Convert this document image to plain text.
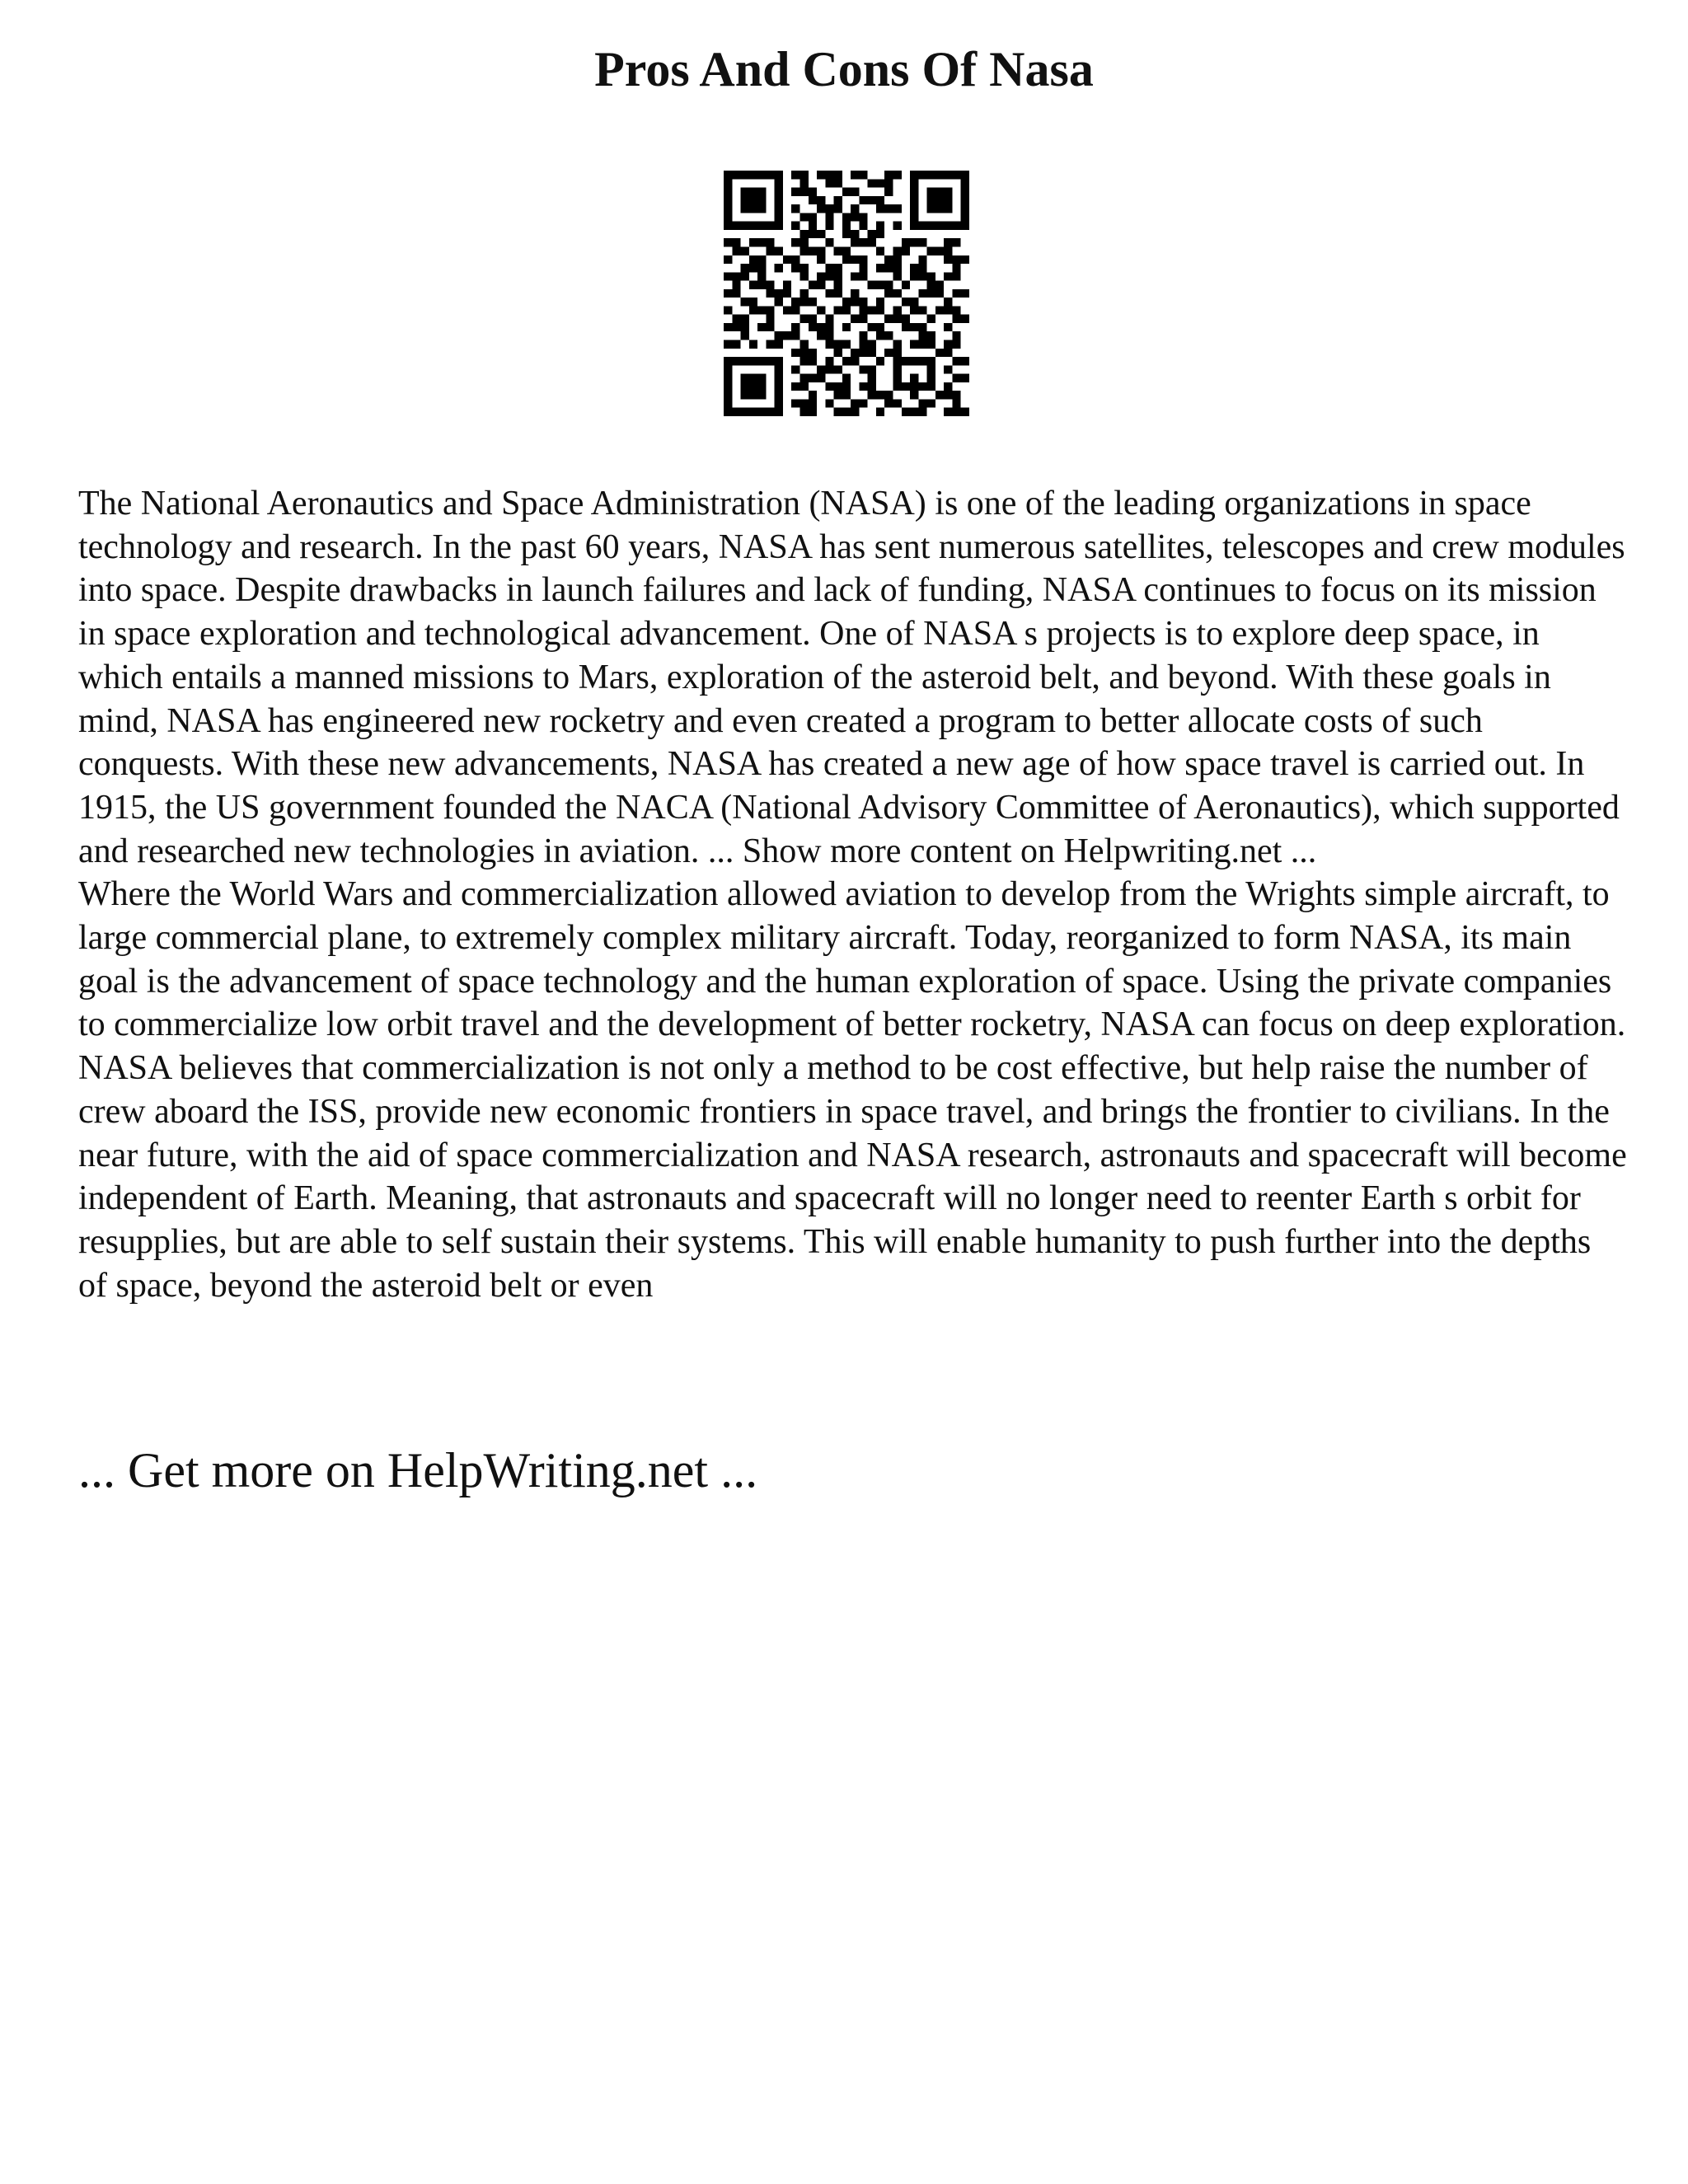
Pros And Cons Of Nasa

The National Aeronautics and Space Administration (NASA) is one of the leading organizations in space technology and research. In the past 60 years, NASA has sent numerous satellites, telescopes and crew modules into space. Despite drawbacks in launch failures and lack of funding, NASA continues to focus on its mission in space exploration and technological advancement. One of NASA s projects is to explore deep space, in which entails a manned missions to Mars, exploration of the asteroid belt, and beyond. With these goals in mind, NASA has engineered new rocketry and even created a program to better allocate costs of such conquests. With these new advancements, NASA has created a new age of how space travel is carried out. In 1915, the US government founded the NACA (National Advisory Committee of Aeronautics), which supported and researched new technologies in aviation. ... Show more content on Helpwriting.net ...

Where the World Wars and commercialization allowed aviation to develop from the Wrights simple aircraft, to large commercial plane, to extremely complex military aircraft. Today, reorganized to form NASA, its main goal is the advancement of space technology and the human exploration of space. Using the private companies to commercialize low orbit travel and the development of better rocketry, NASA can focus on deep exploration. NASA believes that commercialization is not only a method to be cost effective, but help raise the number of crew aboard the ISS, provide new economic frontiers in space travel, and brings the frontier to civilians. In the near future, with the aid of space commercialization and NASA research, astronauts and spacecraft will become independent of Earth. Meaning, that astronauts and spacecraft will no longer need to reenter Earth s orbit for resupplies, but are able to self sustain their systems. This will enable humanity to push further into the depths of space, beyond the asteroid belt or even

... Get more on HelpWriting.net ...
